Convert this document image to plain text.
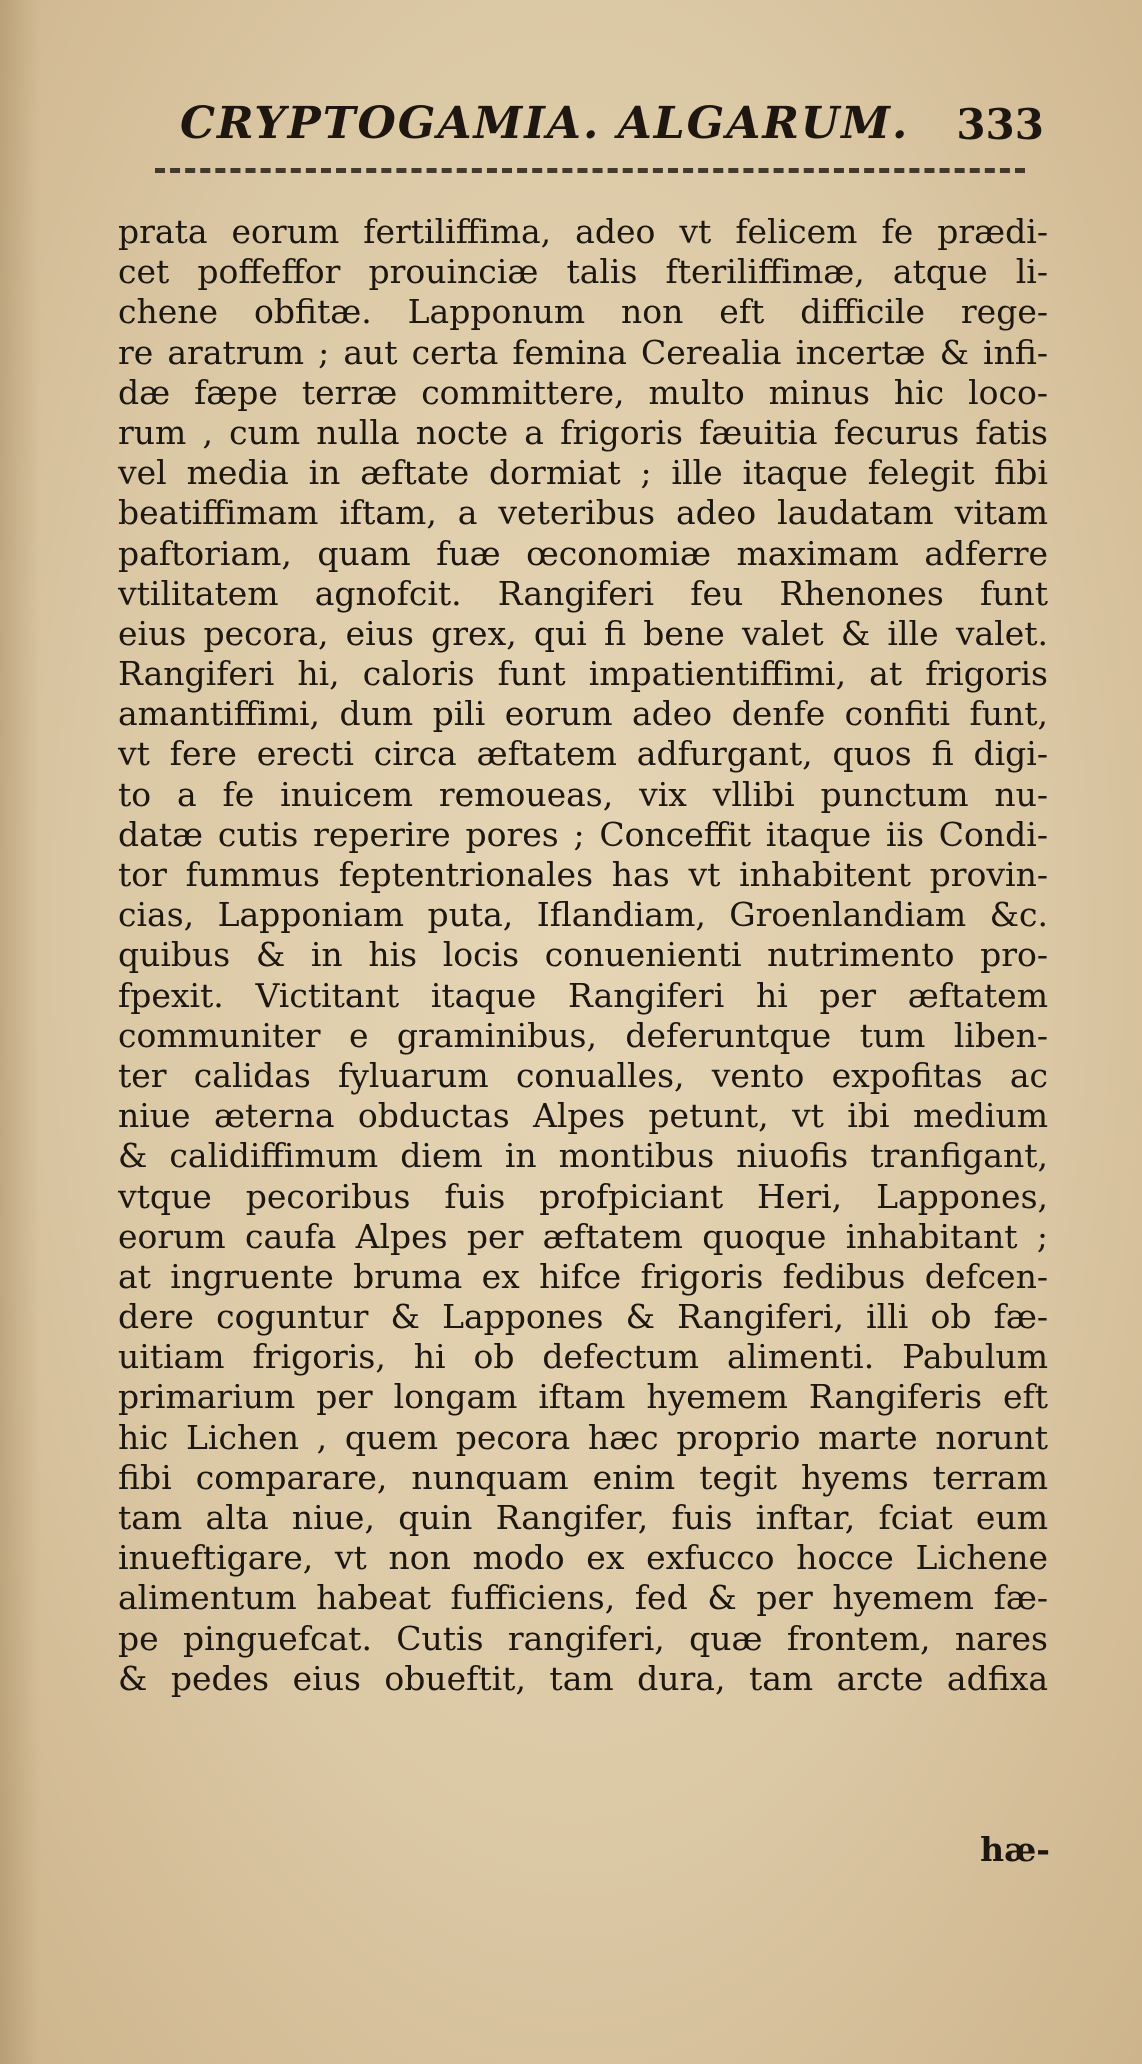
CRYPTOGAMIA. ALGARUM. 333
prata eorum fertiliffima, adeo vt felicem fe prædi-
cet poffeffor prouinciæ talis fteriliffimæ, atque li-
chene obfitæ. Lapponum non eft difficile rege-
re aratrum ; aut certa femina Cerealia incertæ & infi-
dæ fæpe terræ committere, multo minus hic loco-
rum , cum nulla nocte a frigoris fæuitia fecurus fatis
vel media in æftate dormiat ; ille itaque felegit fibi
beatiffimam iftam, a veteribus adeo laudatam vitam
paftoriam, quam fuæ œconomiæ maximam adferre
vtilitatem agnofcit. Rangiferi feu Rhenones funt
eius pecora, eius grex, qui fi bene valet & ille valet.
Rangiferi hi, caloris funt impatientiffimi, at frigoris
amantiffimi, dum pili eorum adeo denfe confiti funt,
vt fere erecti circa æftatem adfurgant, quos fi digi-
to a fe inuicem remoueas, vix vllibi punctum nu-
datæ cutis reperire pores ; Conceffit itaque iis Condi-
tor fummus feptentrionales has vt inhabitent provin-
cias, Lapponiam puta, Iflandiam, Groenlandiam &c.
quibus & in his locis conuenienti nutrimento pro-
fpexit. Victitant itaque Rangiferi hi per æftatem
communiter e graminibus, deferuntque tum liben-
ter calidas fyluarum conualles, vento expofitas ac
niue æterna obductas Alpes petunt, vt ibi medium
& calidiffimum diem in montibus niuofis tranfigant,
vtque pecoribus fuis profpiciant Heri, Lappones,
eorum caufa Alpes per æftatem quoque inhabitant ;
at ingruente bruma ex hifce frigoris fedibus defcen-
dere coguntur & Lappones & Rangiferi, illi ob fæ-
uitiam frigoris, hi ob defectum alimenti. Pabulum
primarium per longam iftam hyemem Rangiferis eft
hic Lichen , quem pecora hæc proprio marte norunt
fibi comparare, nunquam enim tegit hyems terram
tam alta niue, quin Rangifer, fuis inftar, fciat eum
inueftigare, vt non modo ex exfucco hocce Lichene
alimentum habeat fufficiens, fed & per hyemem fæ-
pe pinguefcat. Cutis rangiferi, quæ frontem, nares
& pedes eius obueftit, tam dura, tam arcte adfixa
hæ-
